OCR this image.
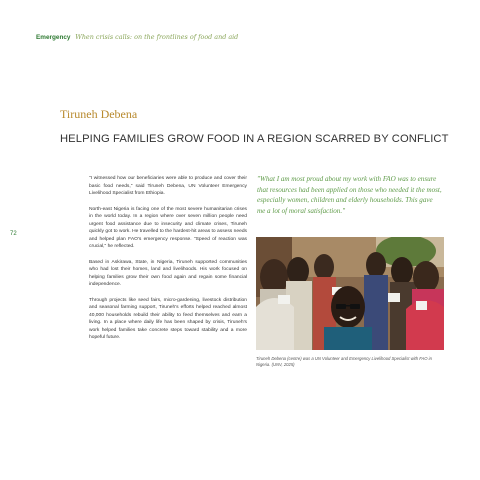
Emergency When crisis calls: on the frontlines of food and aid
72
Tiruneh Debena
HELPING FAMILIES GROW FOOD IN A REGION SCARRED BY CONFLICT

"I witnessed how our beneficiaries were able to produce and cover their basic food needs," said Tiruneh Debena, UN Volunteer Emergency Livelihood Specialist from Ethiopia.

North-east Nigeria is facing one of the most severe humanitarian crises in the world today. In a region where over seven million people need urgent food assistance due to insecurity and climate crises, Tiruneh quickly got to work. He travelled to the hardest-hit areas to assess needs and helped plan FAO's emergency response. "Speed of reaction was crucial," he reflected.

Based in Askirawa, State, in Nigeria, Tiruneh supported communities who had lost their homes, land and livelihoods. His work focused on helping families grow their own food again and regain some financial independence.

Through projects like seed fairs, micro-gardening, livestock distribution and seasonal farming support, Tiruneh's efforts helped reached almost 40,000 households rebuild their ability to feed themselves and earn a living. In a place where daily life has been shaped by crisis, Tiruneh's work helped families take concrete steps toward stability and a more hopeful future.

"What I am most proud about my work with FAO was to ensure that resources had been applied on those who needed it the most, especially women, children and elderly households. This gave me a lot of moral satisfaction."
Tiruneh Debena (centre) was a UN Volunteer and Emergency Livelihood Specialist with FAO in Nigeria. (UNV, 2025)
